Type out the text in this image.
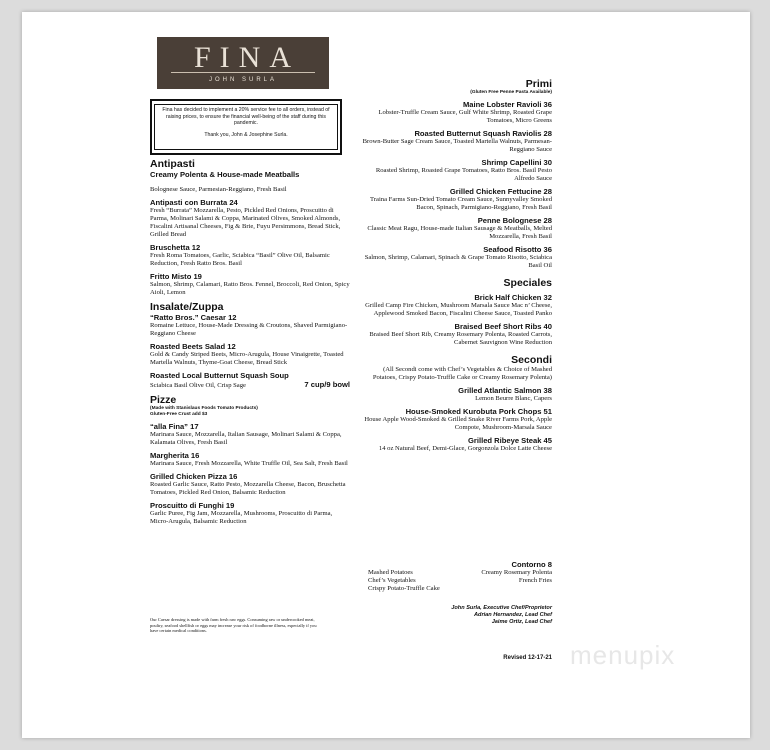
FINA
JOHN SURLA
Fina has decided to implement a 20% service fee to all orders, instead of raising prices, to ensure the financial well-being of the staff during this pandemic.
Thank you, John & Josephine Surla.
Antipasti
Creamy Polenta & House-made Meatballs
Bolognese Sauce, Parmesian-Reggiano, Fresh Basil
Antipasti con Burrata 24
Fresh “Burrata” Mozzarella, Pesto, Pickled Red Onions, Proscuitto di Parma, Molinari Salami & Coppa, Marinated Olives, Smoked Almonds, Fiscalini Artisanal Cheeses, Fig & Brie, Fuyu Persimmons, Bread Stick, Grilled Bread
Bruschetta 12
Fresh Roma Tomatoes, Garlic, Sciabica “Basil” Olive Oil, Balsamic Reduction, Fresh Ratto Bros. Basil
Fritto Misto 19
Salmon, Shrimp, Calamari, Ratto Bros. Fennel, Broccoli, Red Onion, Spicy Aioli, Lemon
Insalate/Zuppa
“Ratto Bros.” Caesar 12
Romaine Lettuce, House-Made Dressing & Croutons, Shaved Parmigiano-Reggiano Cheese
Roasted Beets Salad 12
Gold & Candy Striped Beets, Micro-Arugula, House Vinaigrette, Toasted Martella Walnuts, Thyme-Goat Cheese, Bread Stick
Roasted Local Butternut Squash Soup
Sciabica Basil Olive Oil, Crisp Sage	7 cup/9 bowl
Pizze
(Made with Stanislaus Foods Tomato Products)
Gluten-Free Crust add $3
“alla Fina” 17
Marinara Sauce, Mozzarella, Italian Sausage, Molinari Salami & Coppa, Kalamata Olives, Fresh Basil
Margherita 16
Marinara Sauce, Fresh Mozzarella, White Truffle Oil, Sea Salt, Fresh Basil
Grilled Chicken Pizza 16
Roasted Garlic Sauce, Ratto Pesto, Mozzarella Cheese, Bacon, Bruschetta Tomatoes, Pickled Red Onion, Balsamic Reduction
Proscuitto di Funghi 19
Garlic Puree, Fig Jam, Mozzarella, Mushrooms, Proscuitto di Parma, Micro-Arugula, Balsamic Reduction
Our Caesar dressing is made with farm fresh raw eggs. Consuming raw or undercooked meat, poultry, seafood shellfish or eggs may increase your risk of foodborne illness, especially if you have certain medical conditions.
Primi
(Gluten Free Penne Pasta Available)
Maine Lobster Ravioli 36
Lobster-Truffle Cream Sauce, Gulf White Shrimp, Roasted Grape Tomatoes, Micro Greens
Roasted Butternut Squash Raviolis 28
Brown-Butter Sage Cream Sauce, Toasted Martella Walnuts, Parmesan-Reggiano Sauce
Shrimp Capellini 30
Roasted Shrimp, Roasted Grape Tomatoes, Ratto Bros. Basil Pesto Alfredo Sauce
Grilled Chicken Fettucine 28
Traina Farms Sun-Dried Tomato Cream Sauce, Sunnyvalley Smoked Bacon, Spinach, Parmigiano-Reggiano, Fresh Basil
Penne Bolognese 28
Classic Meat Ragu, House-made Italian Sausage & Meatballs, Melted Mozzarella, Fresh Basil
Seafood Risotto 36
Salmon, Shrimp, Calamari, Spinach & Grape Tomato Risotto, Sciabica Basil Oil
Speciales
Brick Half Chicken 32
Grilled Camp Fire Chicken, Mushroom Marsala Sauce Mac n’ Cheese, Applewood Smoked Bacon, Fiscalini Cheese Sauce, Toasted Panko
Braised Beef Short Ribs 40
Braised Beef Short Rib, Creamy Rosemary Polenta, Roasted Carrots, Cabernet Sauvignon Wine Reduction
Secondi
(All Secondi come with Chef’s Vegetables & Choice of Mashed Potatoes, Crispy Potato-Truffle Cake or Creamy Rosemary Polenta)
Grilled Atlantic Salmon 38
Lemon Beurre Blanc, Capers
House-Smoked Kurobuta Pork Chops 51
House Apple Wood-Smoked & Grilled Snake River Farms Pork, Apple Compote, Mushroom-Marsala Sauce
Grilled Ribeye Steak 45
14 oz Natural Beef, Demi-Glace, Gorgonzola Dolce Latte Cheese
Contorno 8
Mashed Potatoes
Chef’s Vegetables
Crispy Potato-Truffle Cake
Creamy Rosemary Polenta
French Fries
John Surla, Executive Chef/Proprietor
Adrian Hernandez, Lead Chef
Jaime Ortiz, Lead Chef
Revised 12-17-21 menupix
